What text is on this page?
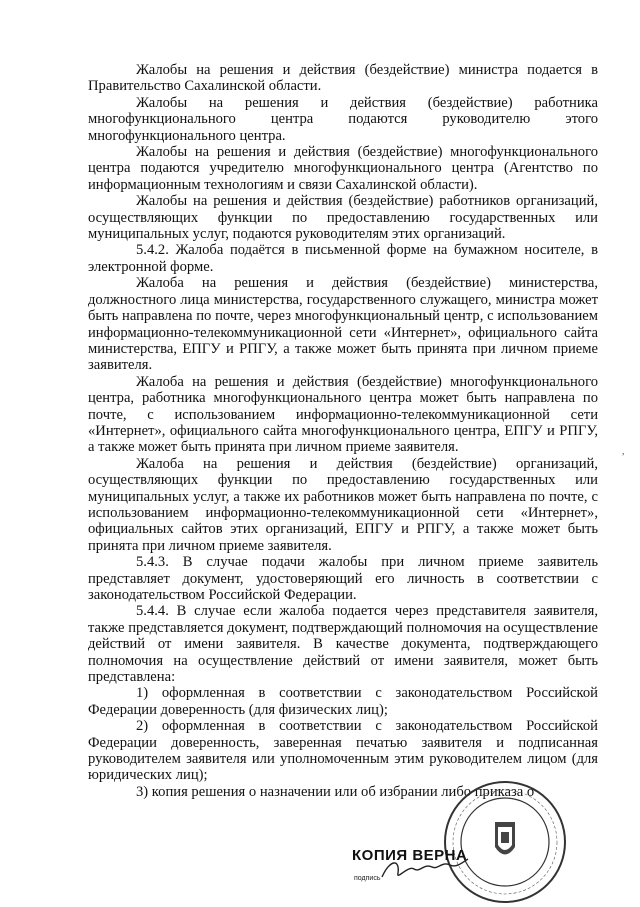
Жалобы на решения и действия (бездействие) министра подается в Правительство Сахалинской области.

Жалобы на решения и действия (бездействие) работника многофункционального центра подаются руководителю этого многофункционального центра.

Жалобы на решения и действия (бездействие) многофункционального центра подаются учредителю многофункционального центра (Агентство по информационным технологиям и связи Сахалинской области).

Жалобы на решения и действия (бездействие) работников организаций, осуществляющих функции по предоставлению государственных или муниципальных услуг, подаются руководителям этих организаций.

5.4.2. Жалоба подаётся в письменной форме на бумажном носителе, в электронной форме.

Жалоба на решения и действия (бездействие) министерства, должностного лица министерства, государственного служащего, министра может быть направлена по почте, через многофункциональный центр, с использованием информационно-телекоммуникационной сети «Интернет», официального сайта министерства, ЕПГУ и РПГУ, а также может быть принята при личном приеме заявителя.

Жалоба на решения и действия (бездействие) многофункционального центра, работника многофункционального центра может быть направлена по почте, с использованием информационно-телекоммуникационной сети «Интернет», официального сайта многофункционального центра, ЕПГУ и РПГУ, а также может быть принята при личном приеме заявителя.

Жалоба на решения и действия (бездействие) организаций, осуществляющих функции по предоставлению государственных или муниципальных услуг, а также их работников может быть направлена по почте, с использованием информационно-телекоммуникационной сети «Интернет», официальных сайтов этих организаций, ЕПГУ и РПГУ, а также может быть принята при личном приеме заявителя.

5.4.3. В случае подачи жалобы при личном приеме заявитель представляет документ, удостоверяющий его личность в соответствии с законодательством Российской Федерации.

5.4.4. В случае если жалоба подается через представителя заявителя, также представляется документ, подтверждающий полномочия на осуществление действий от имени заявителя. В качестве документа, подтверждающего полномочия на осуществление действий от имени заявителя, может быть представлена:

1) оформленная в соответствии с законодательством Российской Федерации доверенность (для физических лиц);

2) оформленная в соответствии с законодательством Российской Федерации доверенность, заверенная печатью заявителя и подписанная руководителем заявителя или уполномоченным этим руководителем лицом (для юридических лиц);

3) копия решения о назначении или об избрании либо приказа о

КОПИЯ ВЕРНА
подпись
,
